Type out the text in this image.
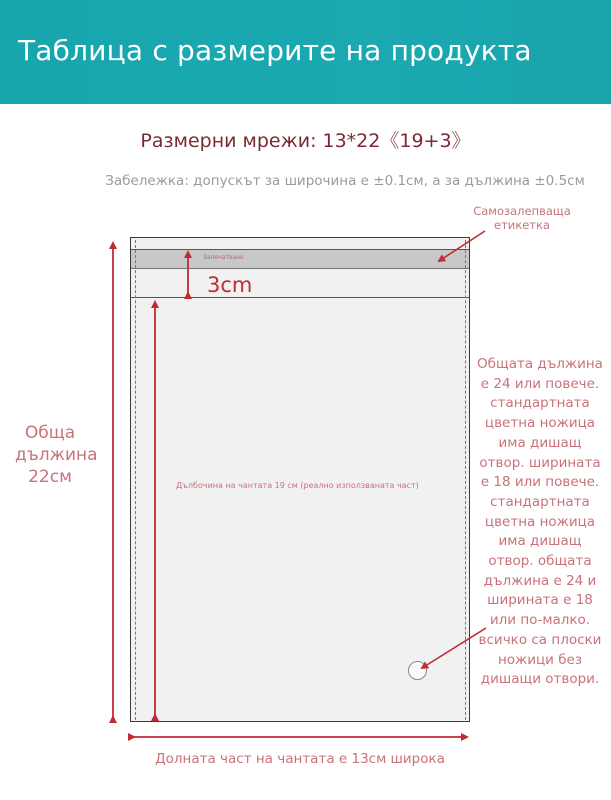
Таблица с размерите на продукта
Размерни мрежи: 13*22《19+3》
Забележка: допускът за широчина е ±0.1см, а за дължина ±0.5см
Самозалепваща
етикетка
Запечатване
3cm
Дълбочина на чантата 19 см (реално използваната част)
Обща
дължина
22см
Общата дължина е 24 или повече. стандартната цветна ножица има дишащ отвор. ширината е 18 или повече. стандартната цветна ножица има дишащ отвор. общата дължина е 24 и ширината е 18 или по-малко. всичко са плоски ножици без дишащи отвори.
Долната част на чантата е 13см широка
